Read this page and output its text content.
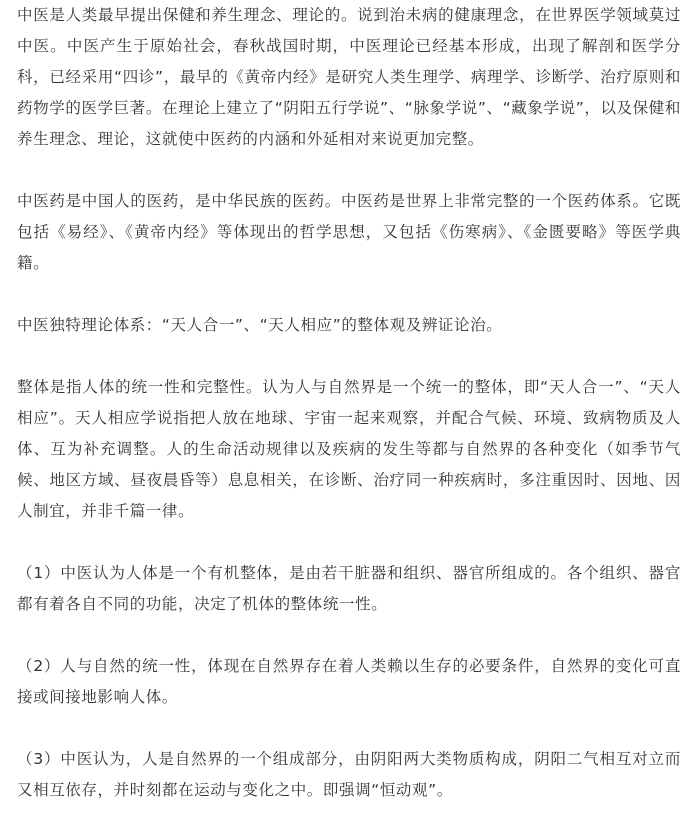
中医是人类最早提出保健和养生理念、理论的。说到治未病的健康理念，在世界医学领域莫过中医。中医产生于原始社会，春秋战国时期，中医理论已经基本形成，出现了解剖和医学分科，已经采用“四诊”，最早的《黄帝内经》是研究人类生理学、病理学、诊断学、治疗原则和药物学的医学巨著。在理论上建立了“阴阳五行学说”、“脉象学说”、“藏象学说”，以及保健和养生理念、理论，这就使中医药的内涵和外延相对来说更加完整。

中医药是中国人的医药，是中华民族的医药。中医药是世界上非常完整的一个医药体系。它既包括《易经》、《黄帝内经》等体现出的哲学思想，又包括《伤寒病》、《金匮要略》等医学典籍。

中医独特理论体系：“天人合一”、“天人相应”的整体观及辨证论治。

整体是指人体的统一性和完整性。认为人与自然界是一个统一的整体，即“天人合一”、“天人相应”。天人相应学说指把人放在地球、宇宙一起来观察，并配合气候、环境、致病物质及人体、互为补充调整。人的生命活动规律以及疾病的发生等都与自然界的各种变化（如季节气候、地区方域、昼夜晨昏等）息息相关，在诊断、治疗同一种疾病时，多注重因时、因地、因人制宜，并非千篇一律。

（1）中医认为人体是一个有机整体，是由若干脏器和组织、器官所组成的。各个组织、器官都有着各自不同的功能，决定了机体的整体统一性。

（2）人与自然的统一性，体现在自然界存在着人类赖以生存的必要条件，自然界的变化可直接或间接地影响人体。

（3）中医认为，人是自然界的一个组成部分，由阴阳两大类物质构成，阴阳二气相互对立而又相互依存，并时刻都在运动与变化之中。即强调“恒动观”。
